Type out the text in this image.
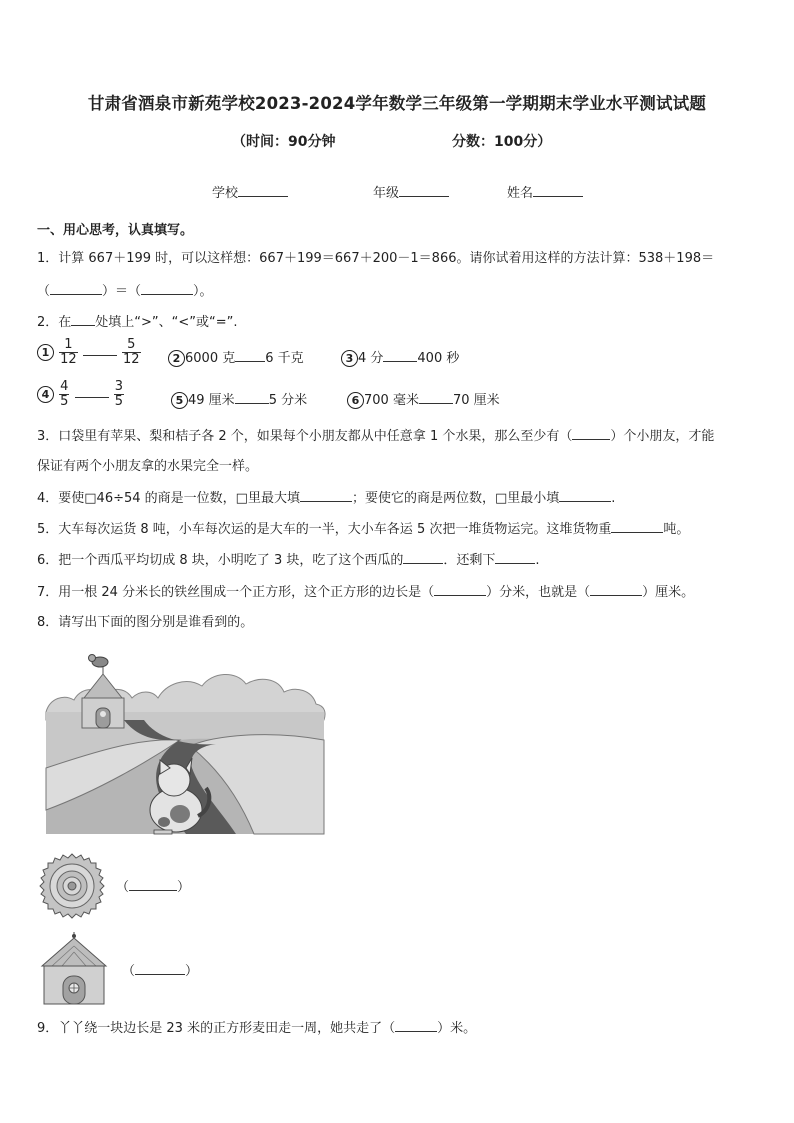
甘肃省酒泉市新苑学校2023-2024学年数学三年级第一学期期末学业水平测试试题
（时间：90分钟	分数：100分）
学校	年级	姓名
一、用心思考，认真填写。
1．计算 667＋199 时，可以这样想：667＋199＝667＋200－1＝866。请你试着用这样的方法计算：538＋198＝
（	）＝（	）。
2．在 处填上“>”、“<”或“=”.
$1 \frac{1}{12}$
	$\frac{5}{12}$	2 6000 克 6 千克	3 4 分	400 秒
$4 \frac{4}{5}$
	$\frac{3}{5}$	5 49 厘米	5 分米	6 700 毫米	70 厘米
3．口袋里有苹果、梨和桔子各 2 个，如果每个小朋友都从中任意拿 1 个水果，那么至少有（	）个小朋友，才能
保证有两个小朋友拿的水果完全一样。
4．要使□46÷54 的商是一位数，□里最大填	；要使它的商是两位数，□里最小填	.
5．大车每次运货 8 吨，小车每次运的是大车的一半，大小车各运 5 次把一堆货物运完。这堆货物重	吨。
6．把一个西瓜平均切成 8 块，小明吃了 3 块，吃了这个西瓜的	．还剩下	.
7．用一根 24 分米长的铁丝围成一个正方形，这个正方形的边长是（	）分米，也就是（	）厘米。
8．请写出下面的图分别是谁看到的。
（	）
（	）
9．丫丫绕一块边长是 23 米的正方形麦田走一周，她共走了（	）米。
